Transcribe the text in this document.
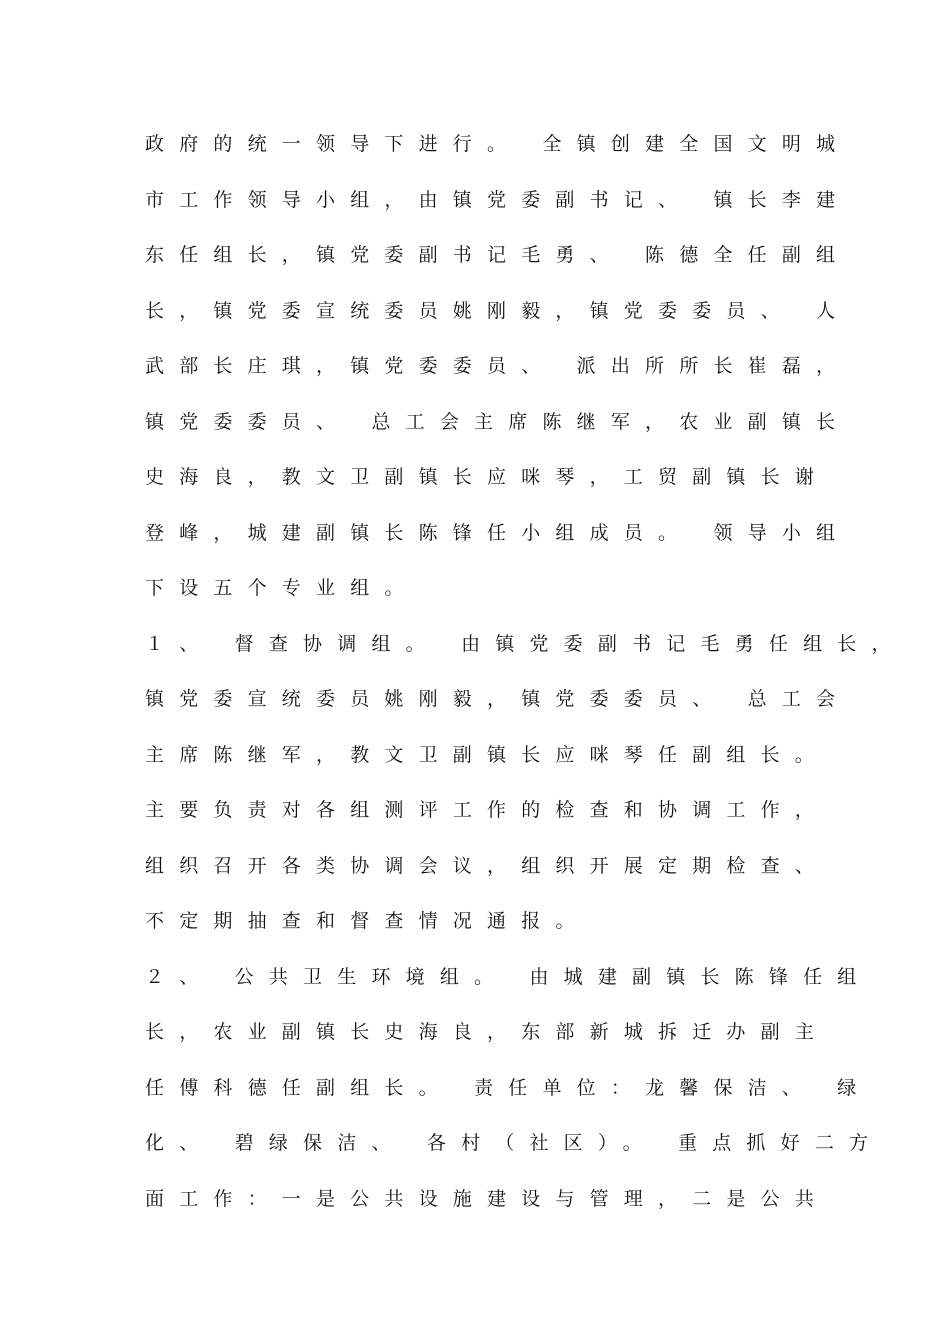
政府的统一领导下进行。 全镇创建全国文明城
市工作领导小组，由镇党委副书记、 镇长李建
东任组长，镇党委副书记毛勇、 陈德全任副组
长，镇党委宣统委员姚刚毅，镇党委委员、 人
武部长庄琪，镇党委委员、 派出所所长崔磊，
镇党委委员、 总工会主席陈继军，农业副镇长
史海良，教文卫副镇长应咪琴，工贸副镇长谢
登峰，城建副镇长陈锋任小组成员。 领导小组
下设五个专业组。
１、 督查协调组。 由镇党委副书记毛勇任组长，
镇党委宣统委员姚刚毅，镇党委委员、 总工会
主席陈继军，教文卫副镇长应咪琴任副组长。
主要负责对各组测评工作的检查和协调工作，
组织召开各类协调会议，组织开展定期检查、
不定期抽查和督查情况通报。
２、 公共卫生环境组。 由城建副镇长陈锋任组
长，农业副镇长史海良，东部新城拆迁办副主
任傅科德任副组长。 责任单位：龙馨保洁、 绿
化、 碧绿保洁、 各村（社区）。 重点抓好二方
面工作：一是公共设施建设与管理，二是公共
